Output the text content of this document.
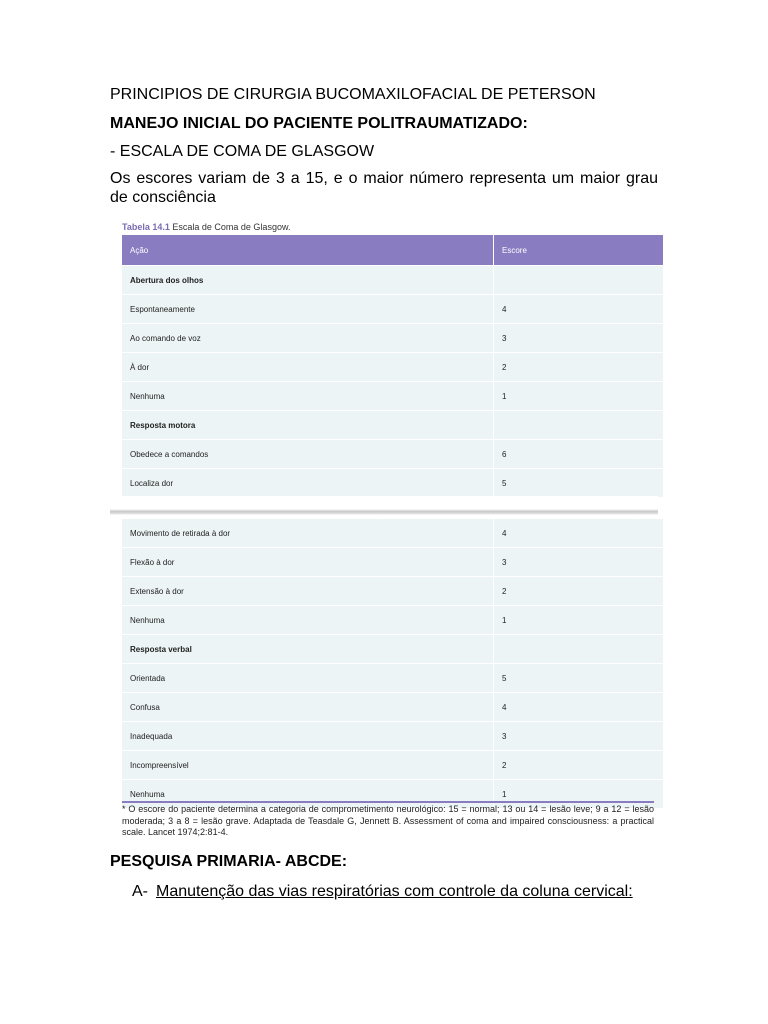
PRINCIPIOS DE CIRURGIA BUCOMAXILOFACIAL DE PETERSON
MANEJO INICIAL DO PACIENTE POLITRAUMATIZADO:
- ESCALA DE COMA DE GLASGOW
Os escores variam de 3 a 15, e o maior número representa um maior grau de consciência
Tabela 14.1 Escala de Coma de Glasgow.
Ação	Escore
Abertura dos olhos	
Espontaneamente	4
Ao comando de voz	3
À dor	2
Nenhuma	1
Resposta motora	
Obedece a comandos	6
Localiza dor	5
Movimento de retirada à dor	4
Flexão à dor	3
Extensão à dor	2
Nenhuma	1
Resposta verbal	
Orientada	5
Confusa	4
Inadequada	3
Incompreensível	2
Nenhuma	1
* O escore do paciente determina a categoria de comprometimento neurológico: 15 = normal; 13 ou 14 = lesão leve; 9 a 12 = lesão moderada; 3 a 8 = lesão grave. Adaptada de Teasdale G, Jennett B. Assessment of coma and impaired consciousness: a practical scale. Lancet 1974;2:81-4.
PESQUISA PRIMARIA- ABCDE:
A- Manutenção das vias respiratórias com controle da coluna cervical:
